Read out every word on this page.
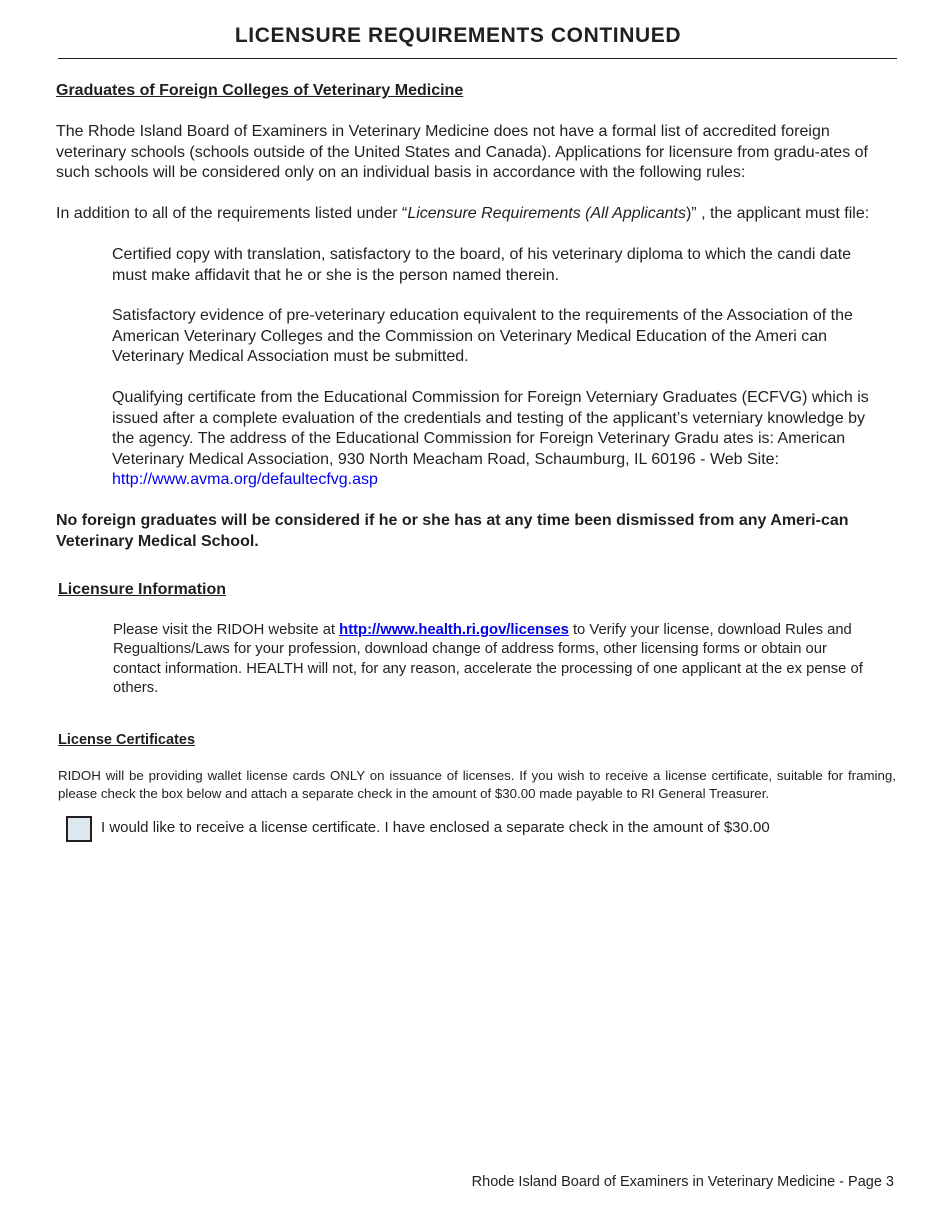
LICENSURE REQUIREMENTS CONTINUED
Graduates of Foreign Colleges of Veterinary Medicine
The Rhode Island Board of Examiners in Veterinary Medicine does not have a formal list of accredited foreign veterinary schools (schools outside of the United States and Canada). Applications for licensure from gradu-ates of such schools will be considered only on an individual basis in accordance with the following rules:
In addition to all of the requirements listed under “Licensure Requirements (All Applicants)” , the applicant must file:
Certified copy with translation, satisfactory to the board, of his veterinary diploma to which the candi date must make affidavit that he or she is the person named therein.
Satisfactory evidence of pre-veterinary education equivalent to the requirements of the Association of the American Veterinary Colleges and the Commission on Veterinary Medical Education of the Ameri can Veterinary Medical Association must be submitted.
Qualifying certificate from the Educational Commission for Foreign Veterniary Graduates (ECFVG) which is issued after a complete evaluation of the credentials and testing of the applicant’s veterniary knowledge by the agency. The address of the Educational Commission for Foreign Veterinary Gradu ates is: American Veterinary Medical Association, 930 North Meacham Road, Schaumburg, IL 60196 - Web Site: http://www.avma.org/defaultecfvg.asp
No foreign graduates will be considered if he or she has at any time been dismissed from any Ameri-can Veterinary Medical School.
Licensure Information
Please visit the RIDOH website at http://www.health.ri.gov/licenses to Verify your license, download Rules and Regualtions/Laws for your profession, download change of address forms, other licensing forms or obtain our contact information. HEALTH will not, for any reason, accelerate the processing of one applicant at the ex pense of others.
License Certificates
RIDOH will be providing wallet license cards ONLY on issuance of licenses. If you wish to receive a license certificate, suitable for framing, please check the box below and attach a separate check in the amount of $30.00 made payable to RI General Treasurer.
I would like to receive a license certificate. I have enclosed a separate check in the amount of $30.00
Rhode Island Board of Examiners in Veterinary Medicine - Page 3
